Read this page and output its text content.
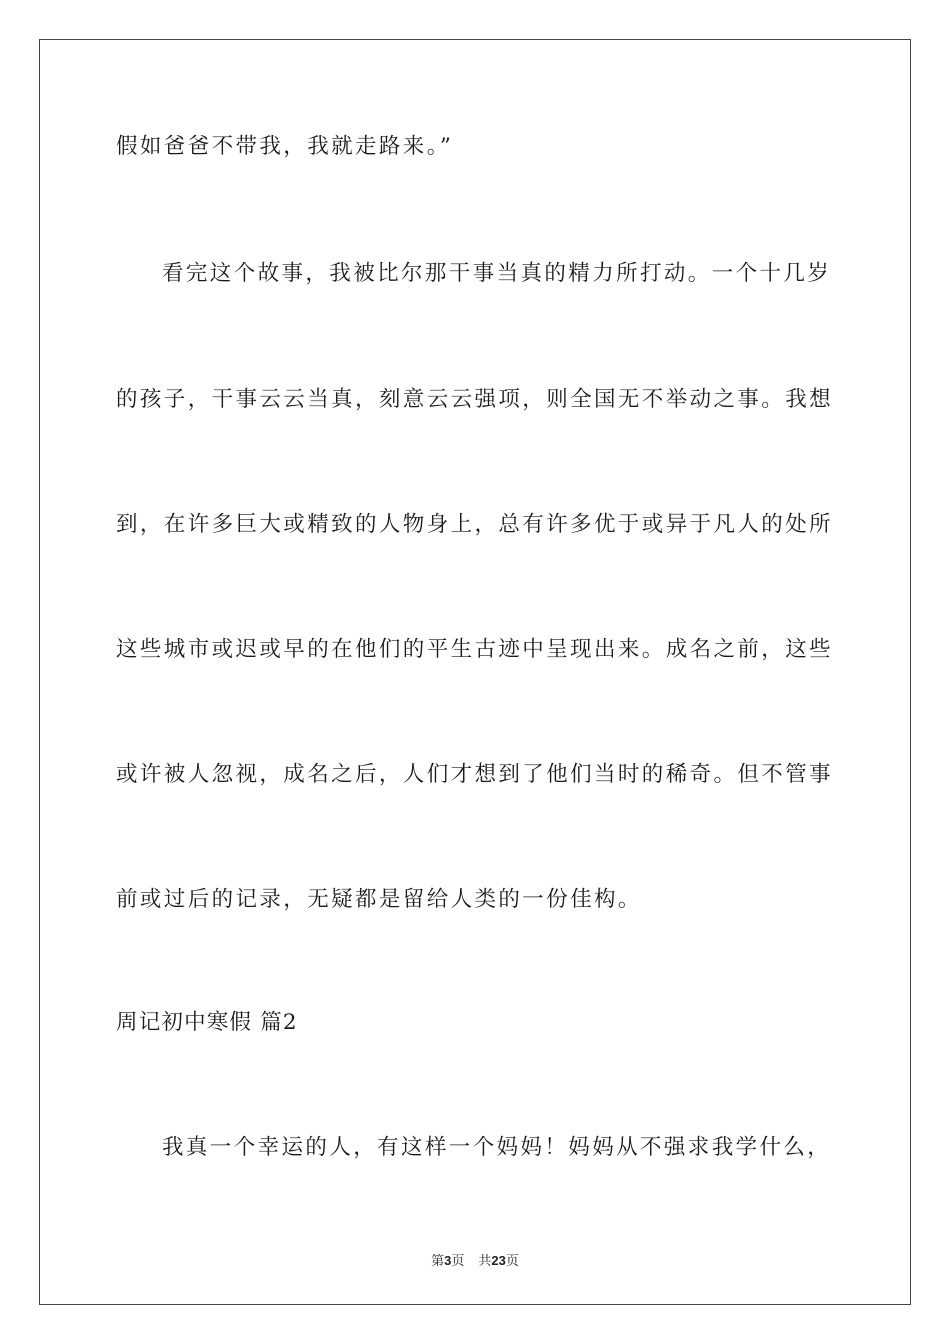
假如爸爸不带我，我就走路来。”
看完这个故事，我被比尔那干事当真的精力所打动。一个十几岁
的孩子，干事云云当真，刻意云云强项，则全国无不举动之事。我想
到，在许多巨大或精致的人物身上，总有许多优于或异于凡人的处所
这些城市或迟或早的在他们的平生古迹中呈现出来。成名之前，这些
或许被人忽视，成名之后，人们才想到了他们当时的稀奇。但不管事
前或过后的记录，无疑都是留给人类的一份佳构。
周记初中寒假 篇2
我真一个幸运的人，有这样一个妈妈！妈妈从不强求我学什么，
第3页 共23页
